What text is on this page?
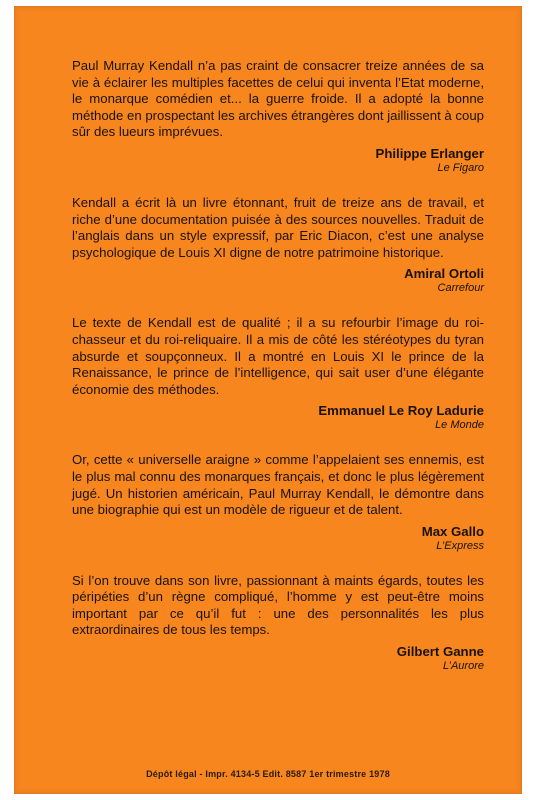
Paul Murray Kendall n’a pas craint de consacrer treize années de sa vie à éclairer les multiples facettes de celui qui inventa l’Etat moderne, le monarque comédien et... la guerre froide. Il a adopté la bonne méthode en prospectant les archives étrangères dont jaillissent à coup sûr des lueurs imprévues.

Philippe Erlanger
Le Figaro

Kendall a écrit là un livre étonnant, fruit de treize ans de travail, et riche d’une documentation puisée à des sources nouvelles. Traduit de l’anglais dans un style expressif, par Eric Diacon, c’est une analyse psychologique de Louis XI digne de notre patrimoine historique.

Amiral Ortoli
Carrefour

Le texte de Kendall est de qualité ; il a su refourbir l’image du roi-chasseur et du roi-reliquaire. Il a mis de côté les stéréotypes du tyran absurde et soupçonneux. Il a montré en Louis XI le prince de la Renaissance, le prince de l’intelligence, qui sait user d’une élégante économie des méthodes.

Emmanuel Le Roy Ladurie
Le Monde

Or, cette « universelle araigne » comme l’appelaient ses ennemis, est le plus mal connu des monarques français, et donc le plus légèrement jugé. Un historien américain, Paul Murray Kendall, le démontre dans une biographie qui est un modèle de rigueur et de talent.

Max Gallo
L’Express

Si l’on trouve dans son livre, passionnant à maints égards, toutes les péripéties d’un règne compliqué, l’homme y est peut-être moins important par ce qu’il fut : une des personnalités les plus extraordinaires de tous les temps.

Gilbert Ganne
L’Aurore
Dépôt légal - Impr. 4134-5 Edit. 8587 1er trimestre 1978
